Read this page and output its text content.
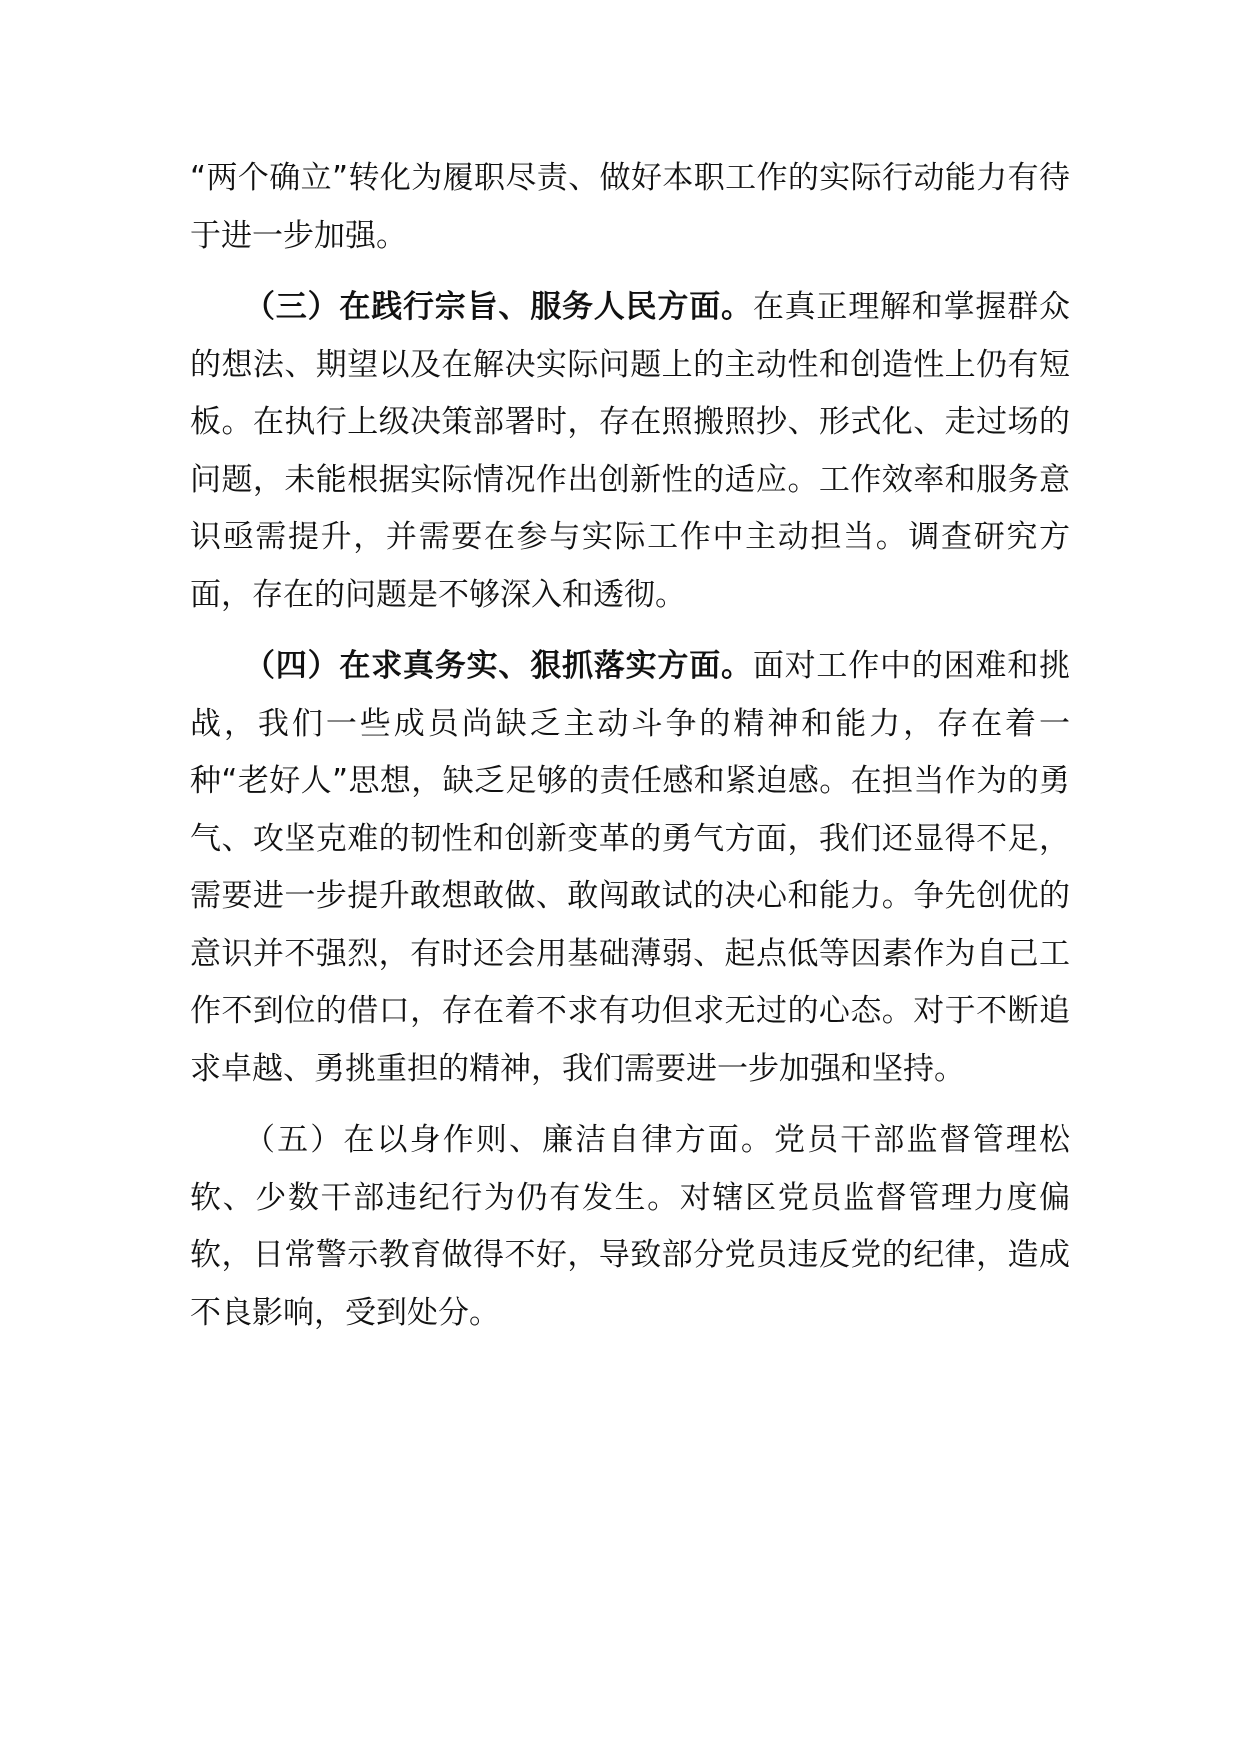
“两个确立”转化为履职尽责、做好本职工作的实际行动能力有待于进一步加强。

（三）在践行宗旨、服务人民方面。在真正理解和掌握群众的想法、期望以及在解决实际问题上的主动性和创造性上仍有短板。在执行上级决策部署时，存在照搬照抄、形式化、走过场的问题，未能根据实际情况作出创新性的适应。工作效率和服务意识亟需提升，并需要在参与实际工作中主动担当。调查研究方面，存在的问题是不够深入和透彻。

（四）在求真务实、狠抓落实方面。面对工作中的困难和挑战，我们一些成员尚缺乏主动斗争的精神和能力，存在着一种“老好人”思想，缺乏足够的责任感和紧迫感。在担当作为的勇气、攻坚克难的韧性和创新变革的勇气方面，我们还显得不足，需要进一步提升敢想敢做、敢闯敢试的决心和能力。争先创优的意识并不强烈，有时还会用基础薄弱、起点低等因素作为自己工作不到位的借口，存在着不求有功但求无过的心态。对于不断追求卓越、勇挑重担的精神，我们需要进一步加强和坚持。

（五）在以身作则、廉洁自律方面。党员干部监督管理松软、少数干部违纪行为仍有发生。对辖区党员监督管理力度偏软，日常警示教育做得不好，导致部分党员违反党的纪律，造成不良影响，受到处分。
